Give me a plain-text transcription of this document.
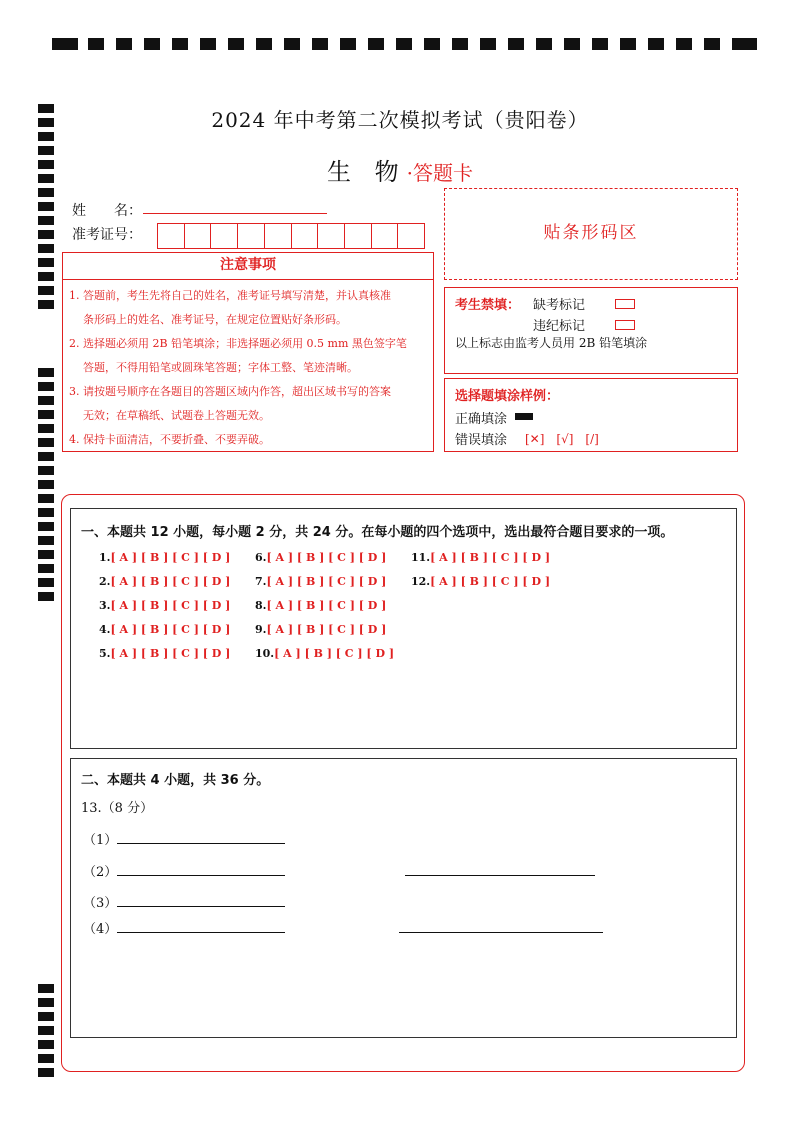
2024 年中考第二次模拟考试（贵阳卷）
生 物·答题卡
姓　　名：
准考证号：	贴条形码区
注意事项

1. 答题前，考生先将自己的姓名，准考证号填写清楚，并认真核准

条形码上的姓名、准考证号，在规定位置贴好条形码。

2. 选择题必须用 2B 铅笔填涂；非选择题必须用 0.5 mm 黑色签字笔

答题，不得用铅笔或圆珠笔答题；字体工整、笔迹清晰。

3. 请按题号顺序在各题目的答题区域内作答，超出区域书写的答案

无效；在草稿纸、试题卷上答题无效。

4. 保持卡面清洁，不要折叠、不要弄破。

考生禁填： 缺考标记
违纪标记
以上标志由监考人员用 2B 铅笔填涂
选择题填涂样例：
正确填涂
错误填涂 [✕]　[√]　[/]
一、本题共 12 小题，每小题 2 分，共 24 分。在每小题的四个选项中，选出最符合题目要求的一项。
1.[ A ] [ B ] [ C ] [ D ]
2.[ A ] [ B ] [ C ] [ D ]
3.[ A ] [ B ] [ C ] [ D ]
4.[ A ] [ B ] [ C ] [ D ]
5.[ A ] [ B ] [ C ] [ D ]
6.[ A ] [ B ] [ C ] [ D ]
7.[ A ] [ B ] [ C ] [ D ]
8.[ A ] [ B ] [ C ] [ D ]
9.[ A ] [ B ] [ C ] [ D ]
10.[ A ] [ B ] [ C ] [ D ]
11.[ A ] [ B ] [ C ] [ D ]
12.[ A ] [ B ] [ C ] [ D ]
二、本题共 4 小题，共 36 分。
13.（8 分）
（1）
（2）
（3）
（4）
